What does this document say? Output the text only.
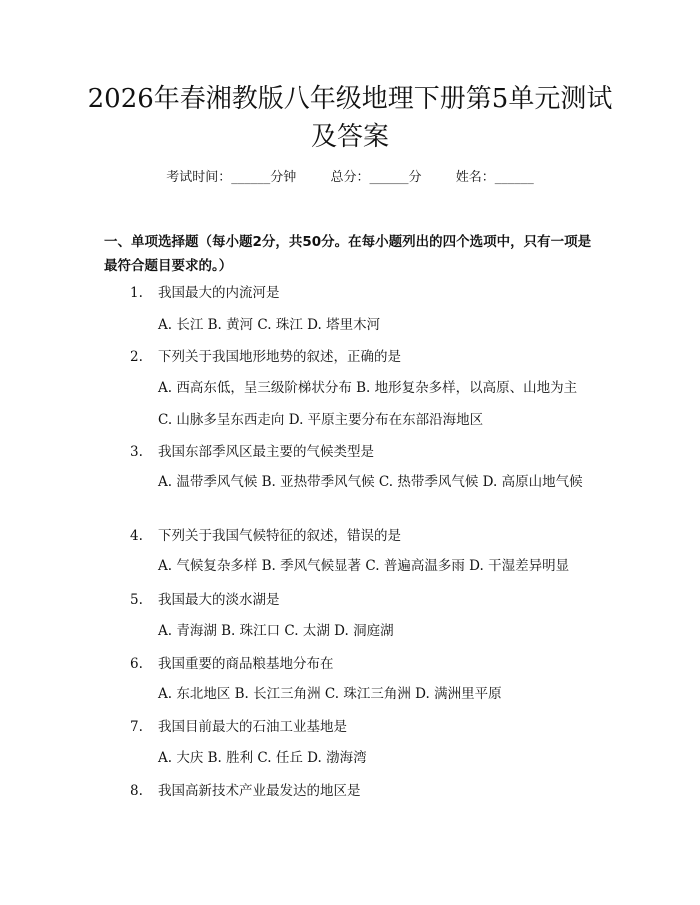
2026年春湘教版八年级地理下册第5单元测试及答案
考试时间：______分钟	总分：______分	姓名：______

一、单项选择题（每小题2分，共50分。在每小题列出的四个选项中，只有一项是最符合题目要求的。）

1. 我国最大的内流河是
A. 长江 B. 黄河 C. 珠江 D. 塔里木河
2. 下列关于我国地形地势的叙述，正确的是
A. 西高东低，呈三级阶梯状分布 B. 地形复杂多样，以高原、山地为主
C. 山脉多呈东西走向 D. 平原主要分布在东部沿海地区
3. 我国东部季风区最主要的气候类型是
A. 温带季风气候 B. 亚热带季风气候 C. 热带季风气候 D. 高原山地气候
4. 下列关于我国气候特征的叙述，错误的是
A. 气候复杂多样 B. 季风气候显著 C. 普遍高温多雨 D. 干湿差异明显
5. 我国最大的淡水湖是
A. 青海湖 B. 珠江口 C. 太湖 D. 洞庭湖
6. 我国重要的商品粮基地分布在
A. 东北地区 B. 长江三角洲 C. 珠江三角洲 D. 满洲里平原
7. 我国目前最大的石油工业基地是
A. 大庆 B. 胜利 C. 任丘 D. 渤海湾
8. 我国高新技术产业最发达的地区是
